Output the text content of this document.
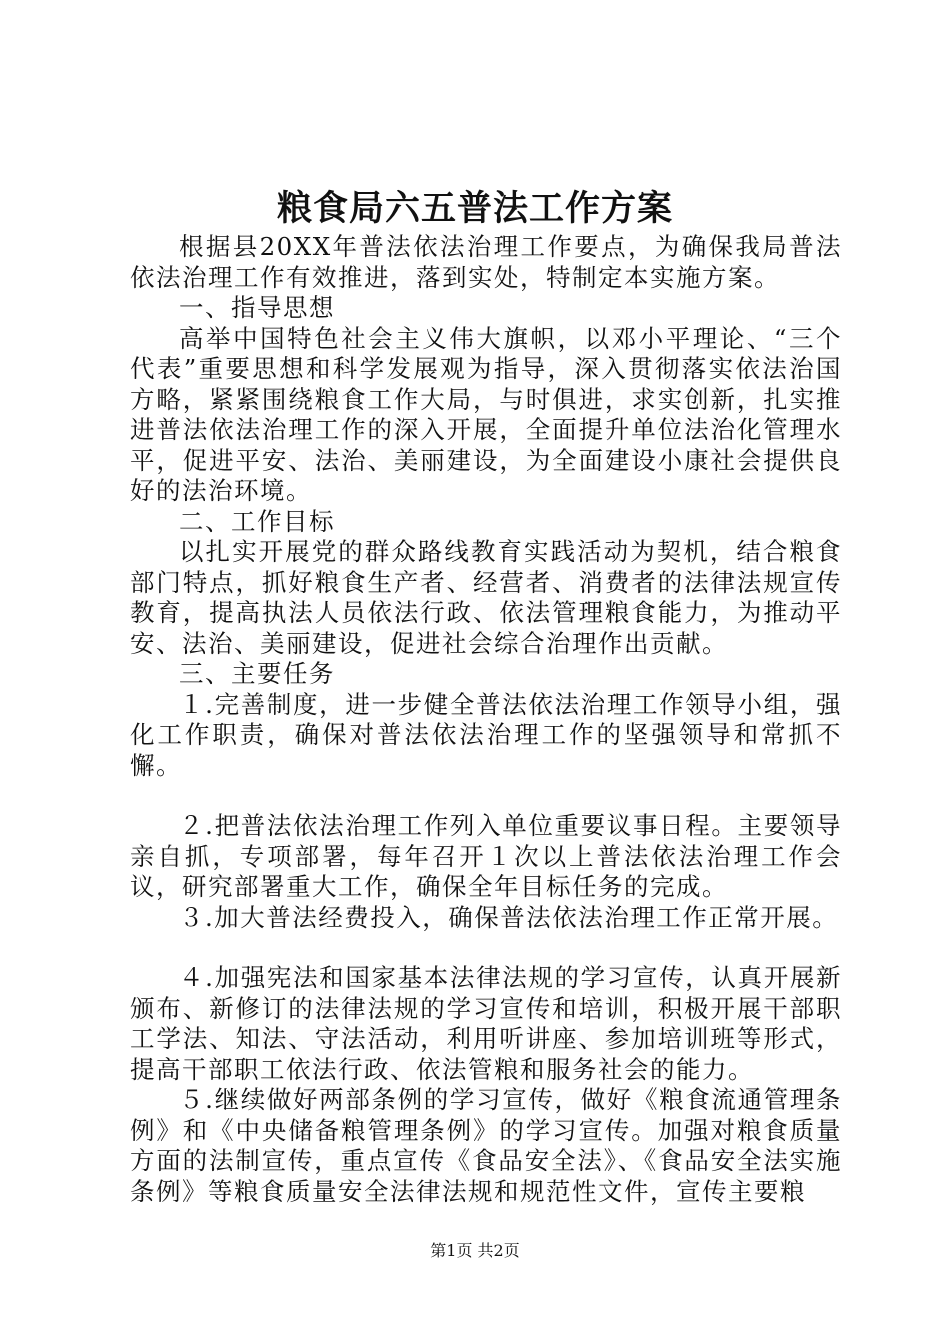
粮食局六五普法工作方案

根据县20XX年普法依法治理工作要点，为确保我局普法依法治理工作有效推进，落到实处，特制定本实施方案。

一、指导思想

高举中国特色社会主义伟大旗帜，以邓小平理论、“三个代表”重要思想和科学发展观为指导，深入贯彻落实依法治国方略，紧紧围绕粮食工作大局，与时俱进，求实创新，扎实推进普法依法治理工作的深入开展，全面提升单位法治化管理水平，促进平安、法治、美丽建设，为全面建设小康社会提供良好的法治环境。

二、工作目标

以扎实开展党的群众路线教育实践活动为契机，结合粮食部门特点，抓好粮食生产者、经营者、消费者的法律法规宣传教育，提高执法人员依法行政、依法管理粮食能力，为推动平安、法治、美丽建设，促进社会综合治理作出贡献。

三、主要任务

１.完善制度，进一步健全普法依法治理工作领导小组，强化工作职责，确保对普法依法治理工作的坚强领导和常抓不懈。

２.把普法依法治理工作列入单位重要议事日程。主要领导亲自抓，专项部署，每年召开１次以上普法依法治理工作会议，研究部署重大工作，确保全年目标任务的完成。

３.加大普法经费投入，确保普法依法治理工作正常开展。

４.加强宪法和国家基本法律法规的学习宣传，认真开展新颁布、新修订的法律法规的学习宣传和培训，积极开展干部职工学法、知法、守法活动，利用听讲座、参加培训班等形式，提高干部职工依法行政、依法管粮和服务社会的能力。

５.继续做好两部条例的学习宣传，做好《粮食流通管理条例》和《中央储备粮管理条例》的学习宣传。加强对粮食质量方面的法制宣传，重点宣传《食品安全法》、《食品安全法实施条例》等粮食质量安全法律法规和规范性文件，宣传主要粮

第1页 共2页
